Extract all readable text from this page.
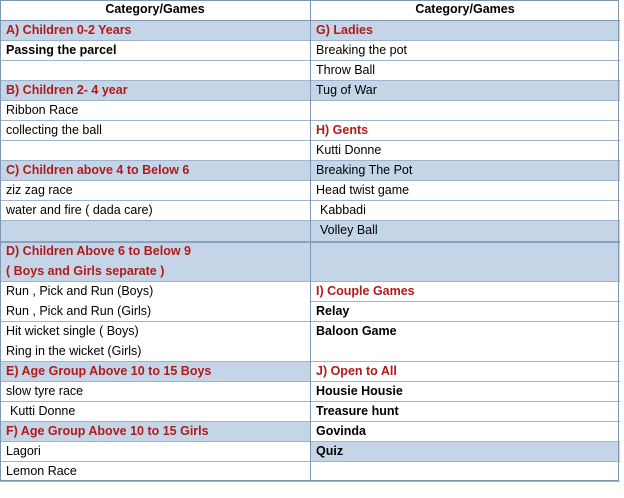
Category/Games
A) Children 0-2 Years
Passing the parcel
B) Children 2- 4 year
Ribbon Race
collecting the ball
C) Children above 4 to Below 6
ziz zag race
water and fire ( dada care)
D) Children Above 6 to Below 9
( Boys and Girls separate )
Run , Pick and Run (Boys)
Run , Pick and Run (Girls)
Hit wicket single ( Boys)
Ring in the wicket (Girls)
E) Age Group Above 10 to 15 Boys
slow tyre race
Kutti Donne
F) Age Group Above 10 to 15 Girls
Lagori
Lemon Race
Category/Games
G) Ladies
Breaking the pot
Throw Ball
Tug of War
H) Gents
Kutti Donne
Breaking The Pot
Head twist game
Kabbadi
Volley Ball
I) Couple Games
Relay
Baloon Game
J) Open to All
Housie Housie
Treasure hunt
Govinda
Quiz
